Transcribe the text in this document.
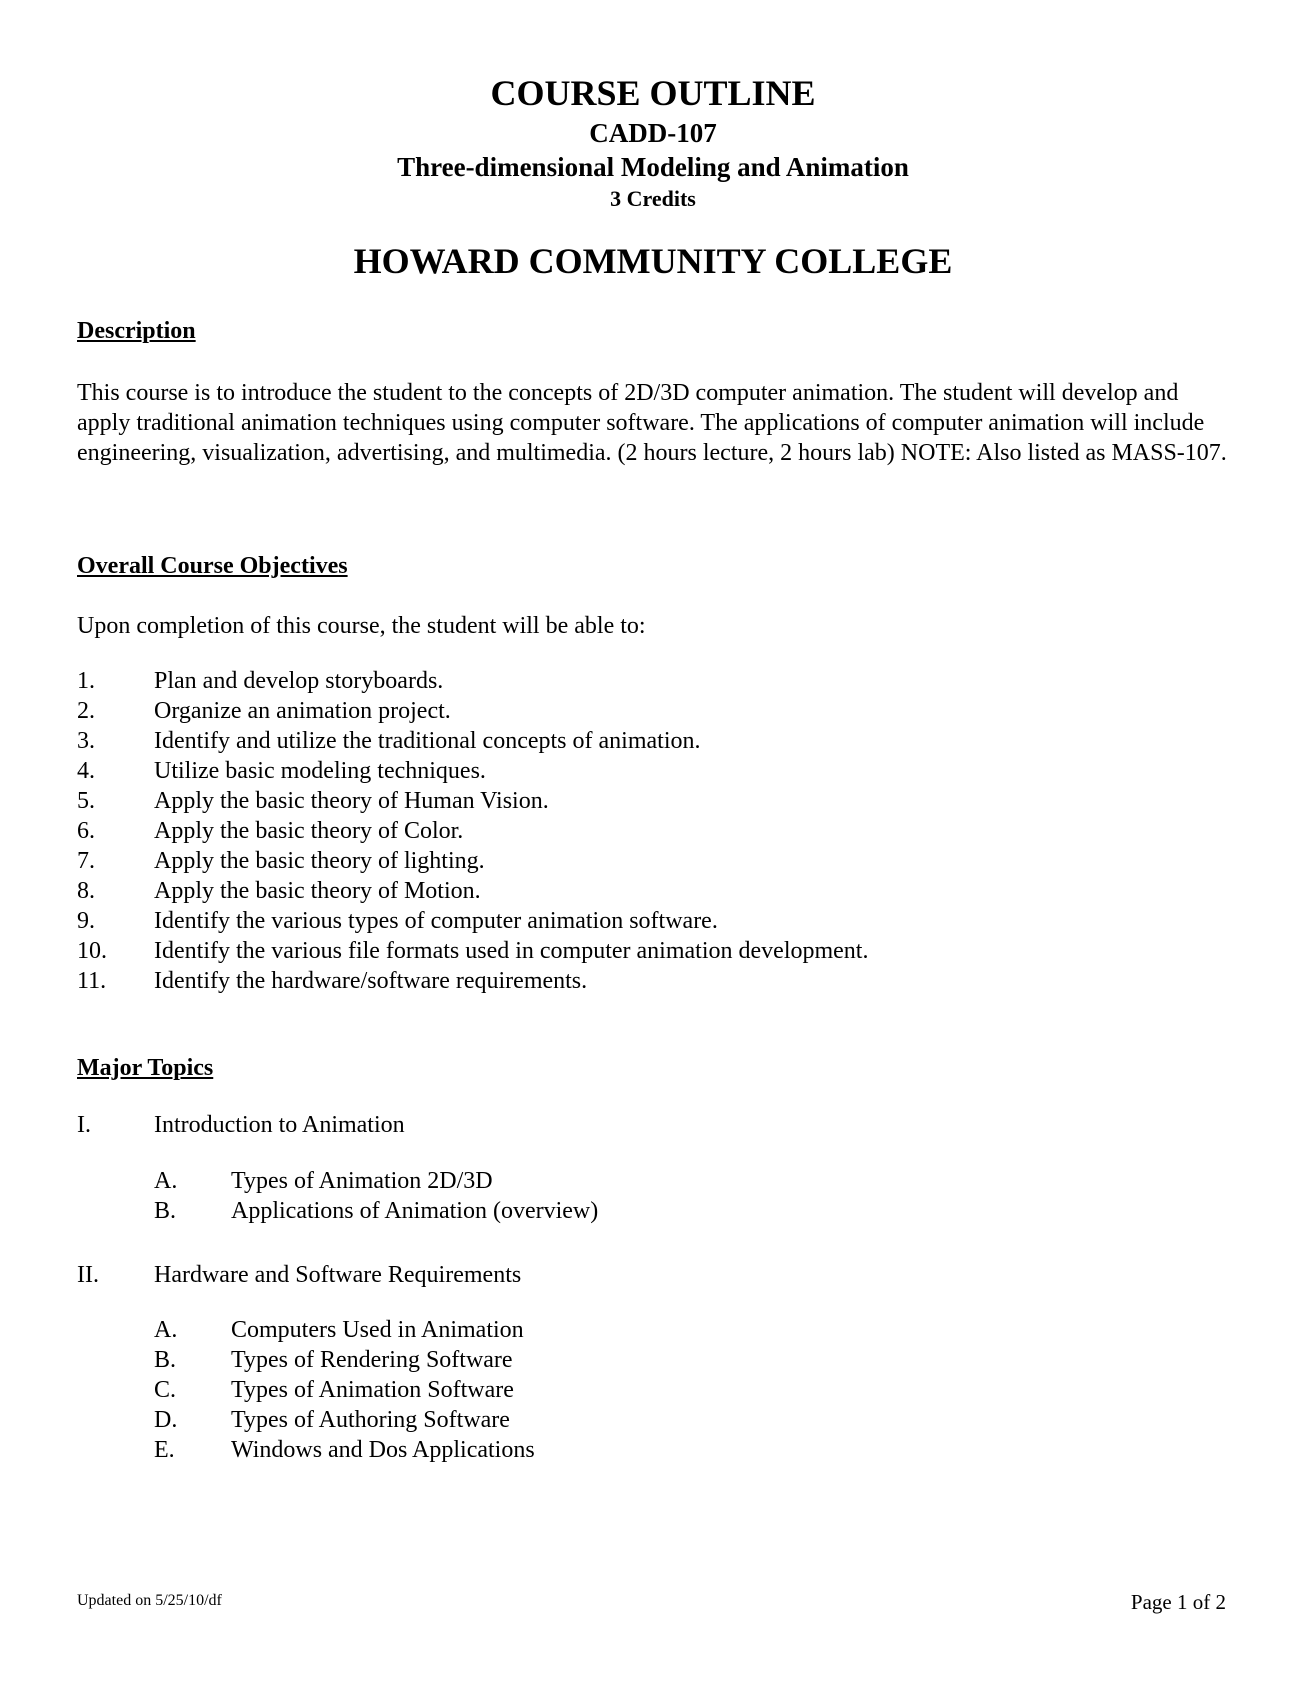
COURSE OUTLINE
CADD-107
Three-dimensional Modeling and Animation
3 Credits
HOWARD COMMUNITY COLLEGE
Description
This course is to introduce the student to the concepts of 2D/3D computer animation. The student will develop and apply traditional animation techniques using computer software. The applications of computer animation will include engineering, visualization, advertising, and multimedia. (2 hours lecture, 2 hours lab) NOTE: Also listed as MASS-107.
Overall Course Objectives
Upon completion of this course, the student will be able to:
1.	Plan and develop storyboards.
2.	Organize an animation project.
3.	Identify and utilize the traditional concepts of animation.
4.	Utilize basic modeling techniques.
5.	Apply the basic theory of Human Vision.
6.	Apply the basic theory of Color.
7.	Apply the basic theory of lighting.
8.	Apply the basic theory of Motion.
9.	Identify the various types of computer animation software.
10.	Identify the various file formats used in computer animation development.
11.	Identify the hardware/software requirements.
Major Topics
I.	Introduction to Animation
A.	Types of Animation 2D/3D
B.	Applications of Animation (overview)
II.	Hardware and Software Requirements
A.	Computers Used in Animation
B.	Types of Rendering Software
C.	Types of Animation Software
D.	Types of Authoring Software
E.	Windows and Dos Applications
Updated on 5/25/10/df	Page 1 of 2
